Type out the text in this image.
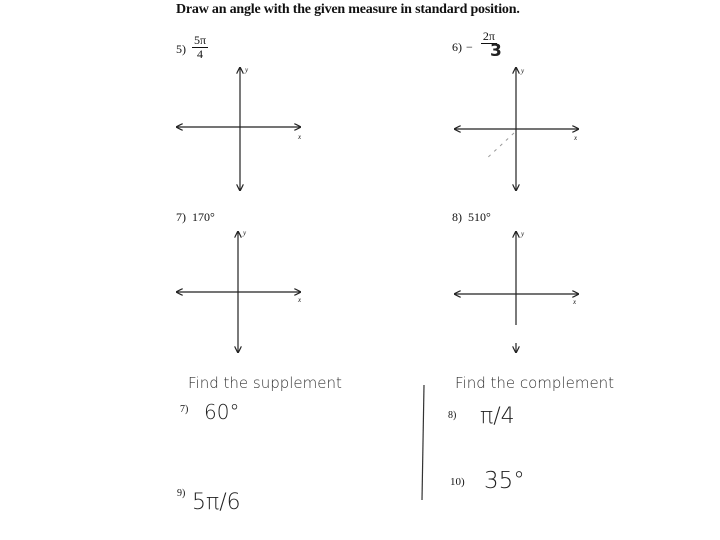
Draw an angle with the given measure in standard position.
$5) \frac{5\pi}{4}$	6) −
2π
3
7) 170°	8) 510°
y
x
y
x
y
x
y
x
Find the supplement	Find the complement
7) 60°	8) π/4
9) 5π/6
10) 35°
